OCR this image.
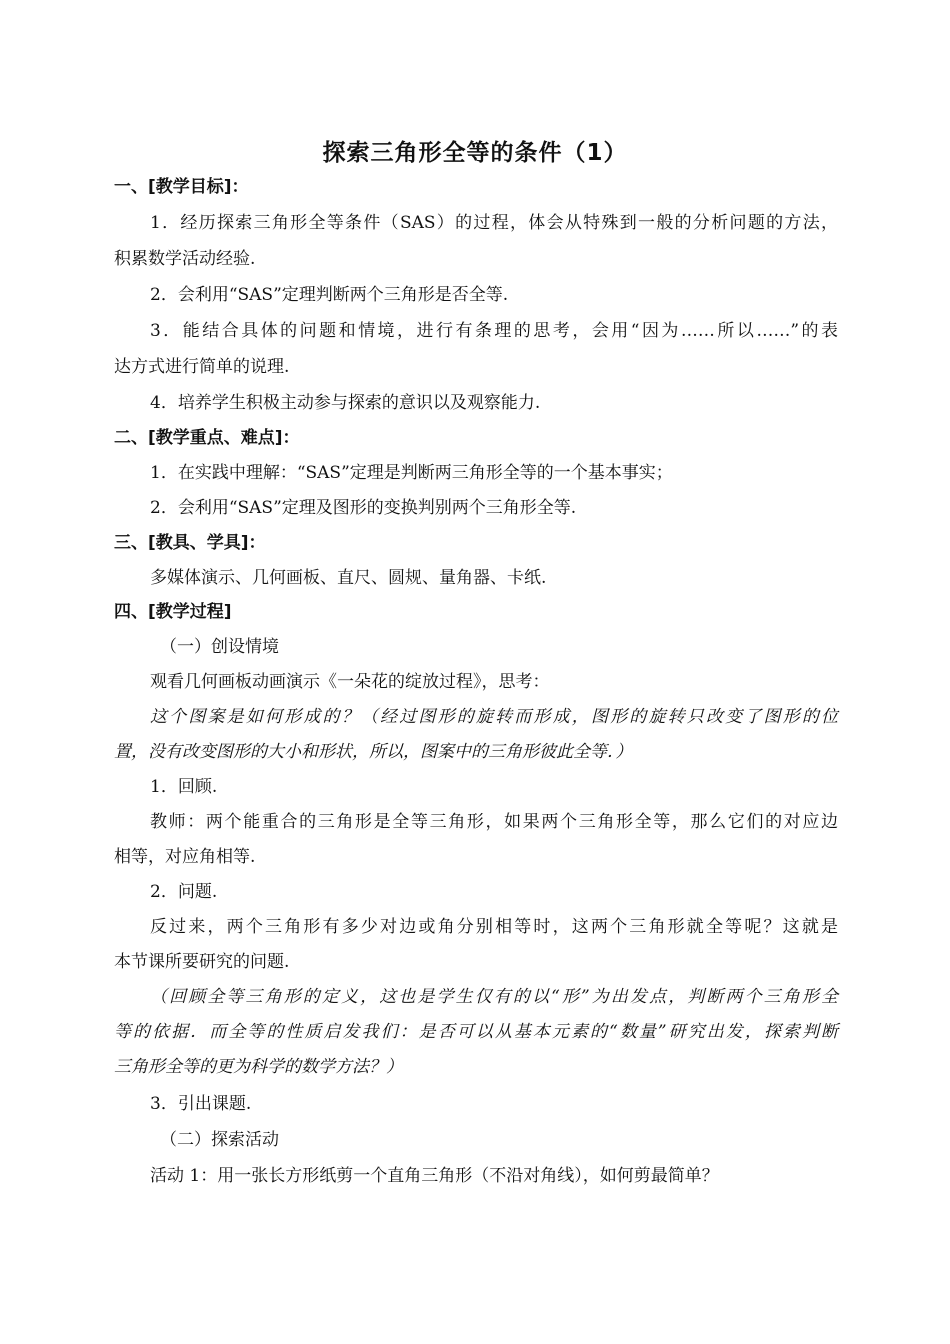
探索三角形全等的条件（1）
一、[教学目标]：
1．经历探索三角形全等条件（SAS）的过程，体会从特殊到一般的分析问题的方法，
积累数学活动经验.
2．会利用“SAS”定理判断两个三角形是否全等.
3．能结合具体的问题和情境，进行有条理的思考，会用“因为……所以……”的表
达方式进行简单的说理.
4．培养学生积极主动参与探索的意识以及观察能力.
二、[教学重点、难点]：
1．在实践中理解：“SAS”定理是判断两三角形全等的一个基本事实；
2．会利用“SAS”定理及图形的变换判别两个三角形全等.
三、[教具、学具]：
多媒体演示、几何画板、直尺、圆规、量角器、卡纸.
四、[教学过程]
（一）创设情境
观看几何画板动画演示《一朵花的绽放过程》，思考：
这个图案是如何形成的？（经过图形的旋转而形成，图形的旋转只改变了图形的位
置，没有改变图形的大小和形状，所以，图案中的三角形彼此全等．）
1．回顾.
教师：两个能重合的三角形是全等三角形，如果两个三角形全等，那么它们的对应边
相等，对应角相等.
2．问题.
反过来，两个三角形有多少对边或角分别相等时，这两个三角形就全等呢？这就是
本节课所要研究的问题.
（回顾全等三角形的定义，这也是学生仅有的以“形”为出发点，判断两个三角形全
等的依据．而全等的性质启发我们：是否可以从基本元素的“数量”研究出发，探索判断
三角形全等的更为科学的数学方法？）
3．引出课题.
（二）探索活动
活动 1：用一张长方形纸剪一个直角三角形（不沿对角线），如何剪最简单？
